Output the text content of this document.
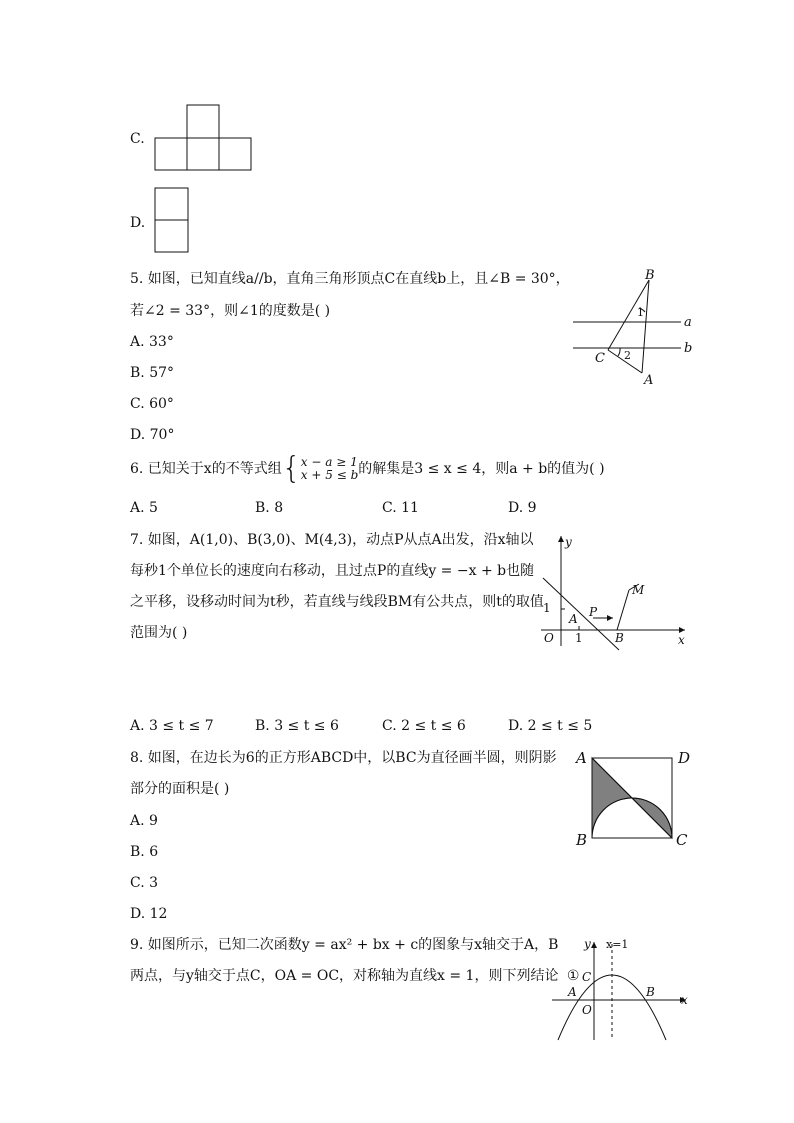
C.
D.
5. 如图，已知直线a//b，直角三角形顶点C在直线b上，且∠B = 30°，
若∠2 = 33°，则∠1的度数是( )
A. 33°
B. 57°
C. 60°
D. 70°
B
1
a
b
C 2
A
6. 已知关于x的不等式组{x − a ≥ 1
x + 5 ≤ b的解集是3 ≤ x ≤ 4，则a + b的值为( )
A. 5	B. 8	C. 11	D. 9
7. 如图，A(1,0)、B(3,0)、M(4,3)，动点P从点A出发，沿x轴以
每秒1个单位长的速度向右移动，且过点P的直线y = −x + b也随
之平移，设移动时间为t秒，若直线与线段BM有公共点，则t的取值
范围为( )
y
M
1	P
A
O 1	B	x
A. 3 ≤ t ≤ 7	B. 3 ≤ t ≤ 6	C. 2 ≤ t ≤ 6	D. 2 ≤ t ≤ 5
8. 如图，在边长为6的正方形ABCD中，以BC为直径画半圆，则阴影
部分的面积是( )
A. 9
B. 6
C. 3
D. 12
A	D
B	C
9. 如图所示，已知二次函数y = ax² + bx + c的图象与x轴交于A，B
两点，与y轴交于点C，OA = OC，对称轴为直线x = 1，则下列结论 ①
y x=1
C
A	B
O
x
